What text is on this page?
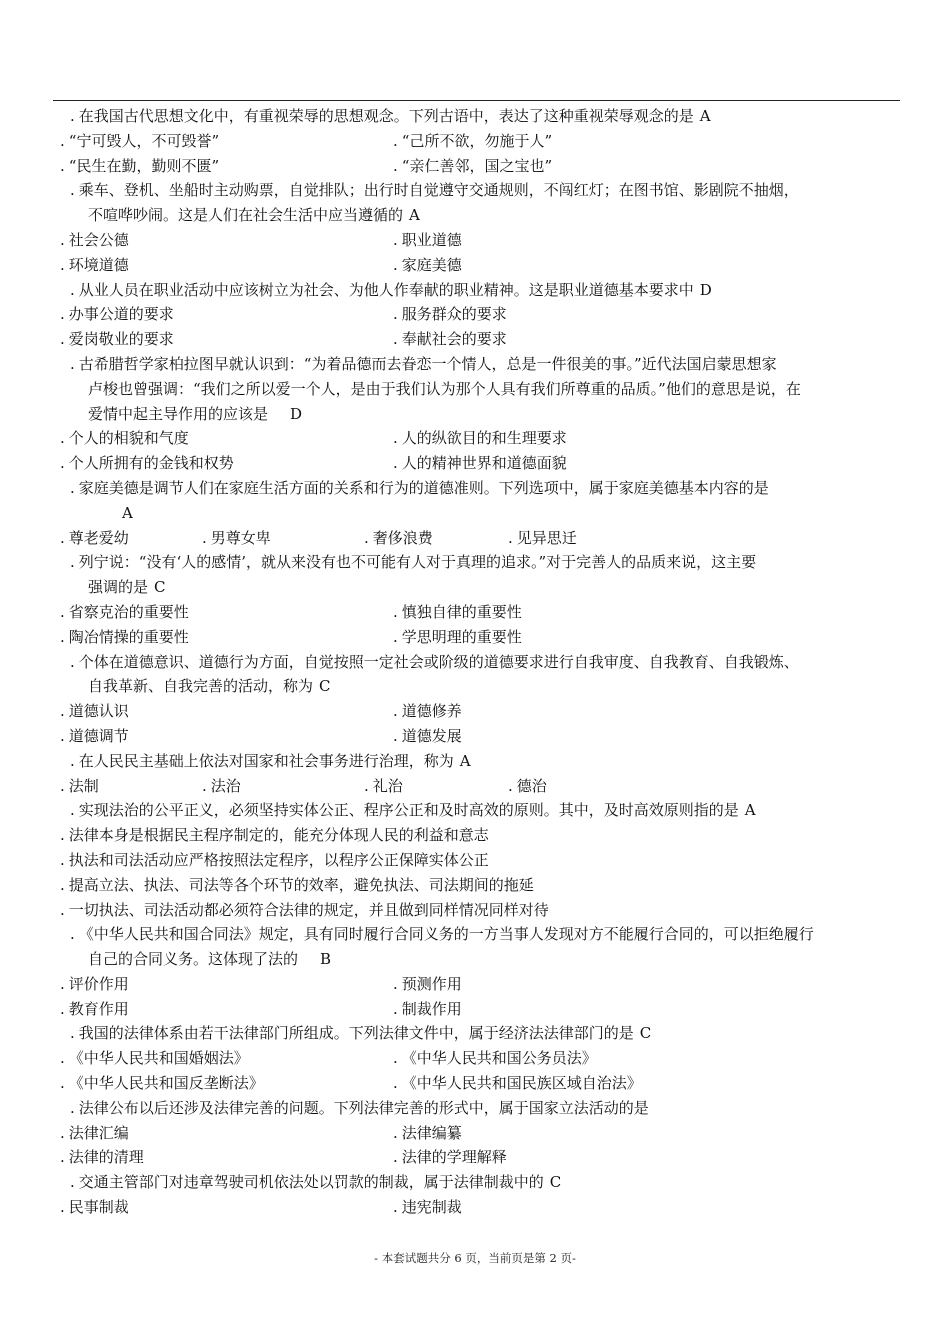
. 在我国古代思想文化中，有重视荣辱的思想观念。下列古语中，表达了这种重视荣辱观念的是 A
. “宁可毁人，不可毁誉”	. “己所不欲，勿施于人”
. “民生在勤，勤则不匮”	. “亲仁善邻，国之宝也”
. 乘车、登机、坐船时主动购票，自觉排队；出行时自觉遵守交通规则，不闯红灯；在图书馆、影剧院不抽烟，
不喧哗吵闹。这是人们在社会生活中应当遵循的 A
. 社会公德	. 职业道德
. 环境道德	. 家庭美德
. 从业人员在职业活动中应该树立为社会、为他人作奉献的职业精神。这是职业道德基本要求中 D
. 办事公道的要求	. 服务群众的要求
. 爱岗敬业的要求	. 奉献社会的要求
. 古希腊哲学家柏拉图早就认识到：“为着品德而去眷恋一个情人，总是一件很美的事。”近代法国启蒙思想家
卢梭也曾强调：“我们之所以爱一个人，是由于我们认为那个人具有我们所尊重的品质。”他们的意思是说，在
爱情中起主导作用的应该是 D
. 个人的相貌和气度	. 人的纵欲目的和生理要求
. 个人所拥有的金钱和权势	. 人的精神世界和道德面貌
. 家庭美德是调节人们在家庭生活方面的关系和行为的道德准则。下列选项中，属于家庭美德基本内容的是
A
. 尊老爱幼	. 男尊女卑	. 奢侈浪费	. 见异思迁
. 列宁说：“没有‘人的感情’，就从来没有也不可能有人对于真理的追求。”对于完善人的品质来说，这主要
强调的是 C
. 省察克治的重要性	. 慎独自律的重要性
. 陶冶情操的重要性	. 学思明理的重要性
. 个体在道德意识、道德行为方面，自觉按照一定社会或阶级的道德要求进行自我审度、自我教育、自我锻炼、
自我革新、自我完善的活动，称为 C
. 道德认识	. 道德修养
. 道德调节	. 道德发展
. 在人民民主基础上依法对国家和社会事务进行治理，称为 A
. 法制	. 法治	. 礼治	. 德治
. 实现法治的公平正义，必须坚持实体公正、程序公正和及时高效的原则。其中，及时高效原则指的是 A
. 法律本身是根据民主程序制定的，能充分体现人民的利益和意志
. 执法和司法活动应严格按照法定程序，以程序公正保障实体公正
. 提高立法、执法、司法等各个环节的效率，避免执法、司法期间的拖延
. 一切执法、司法活动都必须符合法律的规定，并且做到同样情况同样对待
. 《中华人民共和国合同法》规定，具有同时履行合同义务的一方当事人发现对方不能履行合同的，可以拒绝履行
自己的合同义务。这体现了法的 B
. 评价作用	. 预测作用
. 教育作用	. 制裁作用
. 我国的法律体系由若干法律部门所组成。下列法律文件中，属于经济法法律部门的是 C
. 《中华人民共和国婚姻法》	. 《中华人民共和国公务员法》
. 《中华人民共和国反垄断法》	. 《中华人民共和国民族区域自治法》
. 法律公布以后还涉及法律完善的问题。下列法律完善的形式中，属于国家立法活动的是
. 法律汇编	. 法律编纂
. 法律的清理	. 法律的学理解释
. 交通主管部门对违章驾驶司机依法处以罚款的制裁，属于法律制裁中的 C
. 民事制裁	. 违宪制裁
- 本套试题共分 6 页，当前页是第 2 页-
